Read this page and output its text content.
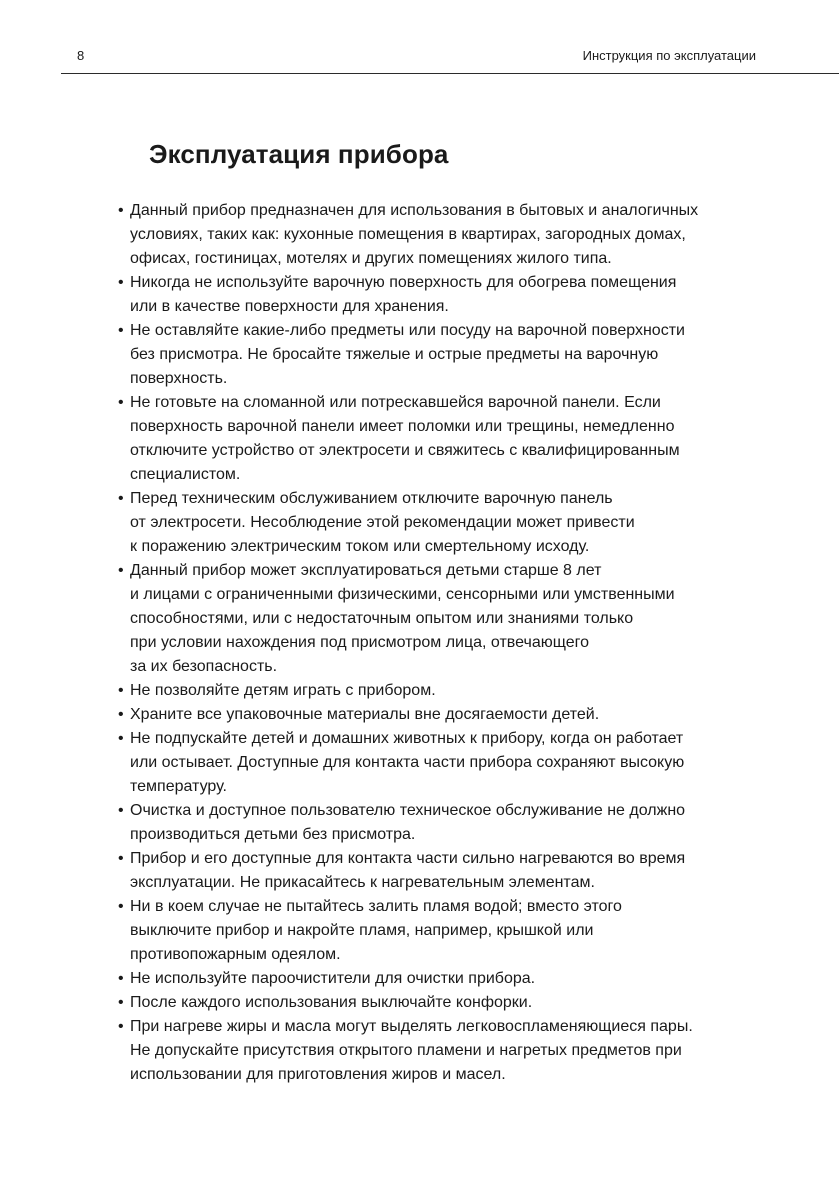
8	Инструкция по эксплуатации
Эксплуатация прибора
• Данный прибор предназначен для использования в бытовых и аналогичных
условиях, таких как: кухонные помещения в квартирах, загородных домах,
офисах, гостиницах, мотелях и других помещениях жилого типа.
• Никогда не используйте варочную поверхность для обогрева помещения
или в качестве поверхности для хранения.
• Не оставляйте какие-либо предметы или посуду на варочной поверхности
без присмотра. Не бросайте тяжелые и острые предметы на варочную
поверхность.
• Не готовьте на сломанной или потрескавшейся варочной панели. Если
поверхность варочной панели имеет поломки или трещины, немедленно
отключите устройство от электросети и свяжитесь с квалифицированным
специалистом.
• Перед техническим обслуживанием отключите варочную панель
от электросети. Несоблюдение этой рекомендации может привести
к поражению электрическим током или смертельному исходу.
• Данный прибор может эксплуатироваться детьми старше 8 лет
и лицами с ограниченными физическими, сенсорными или умственными
способностями, или с недостаточным опытом или знаниями только
при условии нахождения под присмотром лица, отвечающего
за их безопасность.
• Не позволяйте детям играть с прибором.
• Храните все упаковочные материалы вне досягаемости детей.
• Не подпускайте детей и домашних животных к прибору, когда он работает
или остывает. Доступные для контакта части прибора сохраняют высокую
температуру.
• Очистка и доступное пользователю техническое обслуживание не должно
производиться детьми без присмотра.
• Прибор и его доступные для контакта части сильно нагреваются во время
эксплуатации. Не прикасайтесь к нагревательным элементам.
• Ни в коем случае не пытайтесь залить пламя водой; вместо этого
выключите прибор и накройте пламя, например, крышкой или
противопожарным одеялом.
• Не используйте пароочистители для очистки прибора.
• После каждого использования выключайте конфорки.
• При нагреве жиры и масла могут выделять легковоспламеняющиеся пары.
Не допускайте присутствия открытого пламени и нагретых предметов при
использовании для приготовления жиров и масел.
